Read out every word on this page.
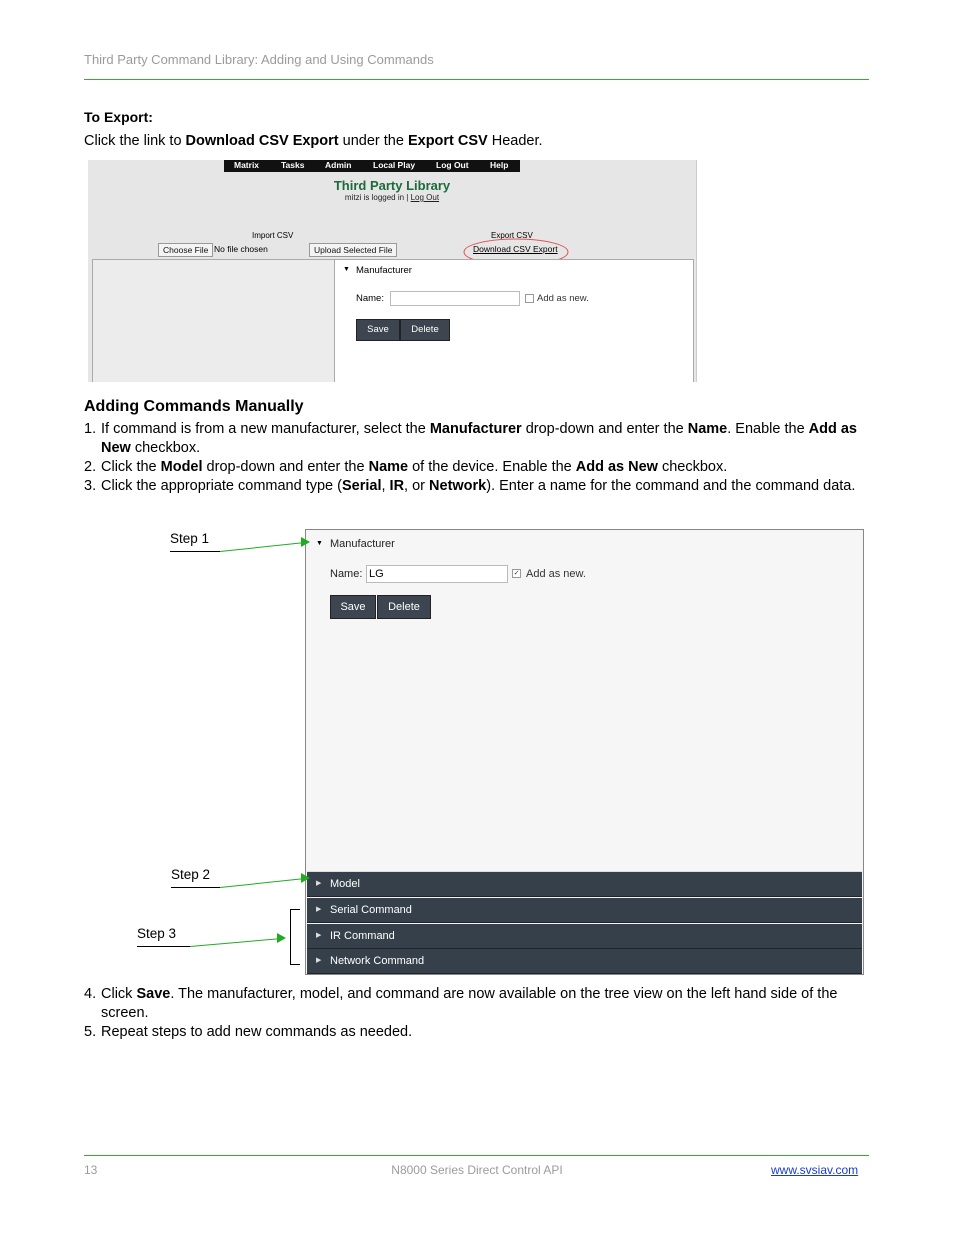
Third Party Command Library: Adding and Using Commands
To Export:
Click the link to Download CSV Export under the Export CSV Header.
Matrix	Tasks Admin	Local Play Log Out	Help
Third Party Library
mitzi is logged in | Log Out
Import CSV
Choose File No file chosen	Upload Selected File
Export CSV
Download CSV Export
▼ Manufacturer
Name:	Add as new.
Save	Delete
Adding Commands Manually
1. If command is from a new manufacturer, select the Manufacturer drop-down and enter the Name. Enable the Add as New checkbox.
2. Click the Model drop-down and enter the Name of the device. Enable the Add as New checkbox.
3. Click the appropriate command type (Serial, IR, or Network). Enter a name for the command and the command data.
▼ Manufacturer
Name: LG	✓ Add as new.
Save	Delete
▶ Model
▶ Serial Command
▶ IR Command
▶ Network Command
Step 1
Step 2
Step 3
4. Click Save. The manufacturer, model, and command are now available on the tree view on the left hand side of the screen.
5. Repeat steps to add new commands as needed.
13	N8000 Series Direct Control API	www.svsiav.com
